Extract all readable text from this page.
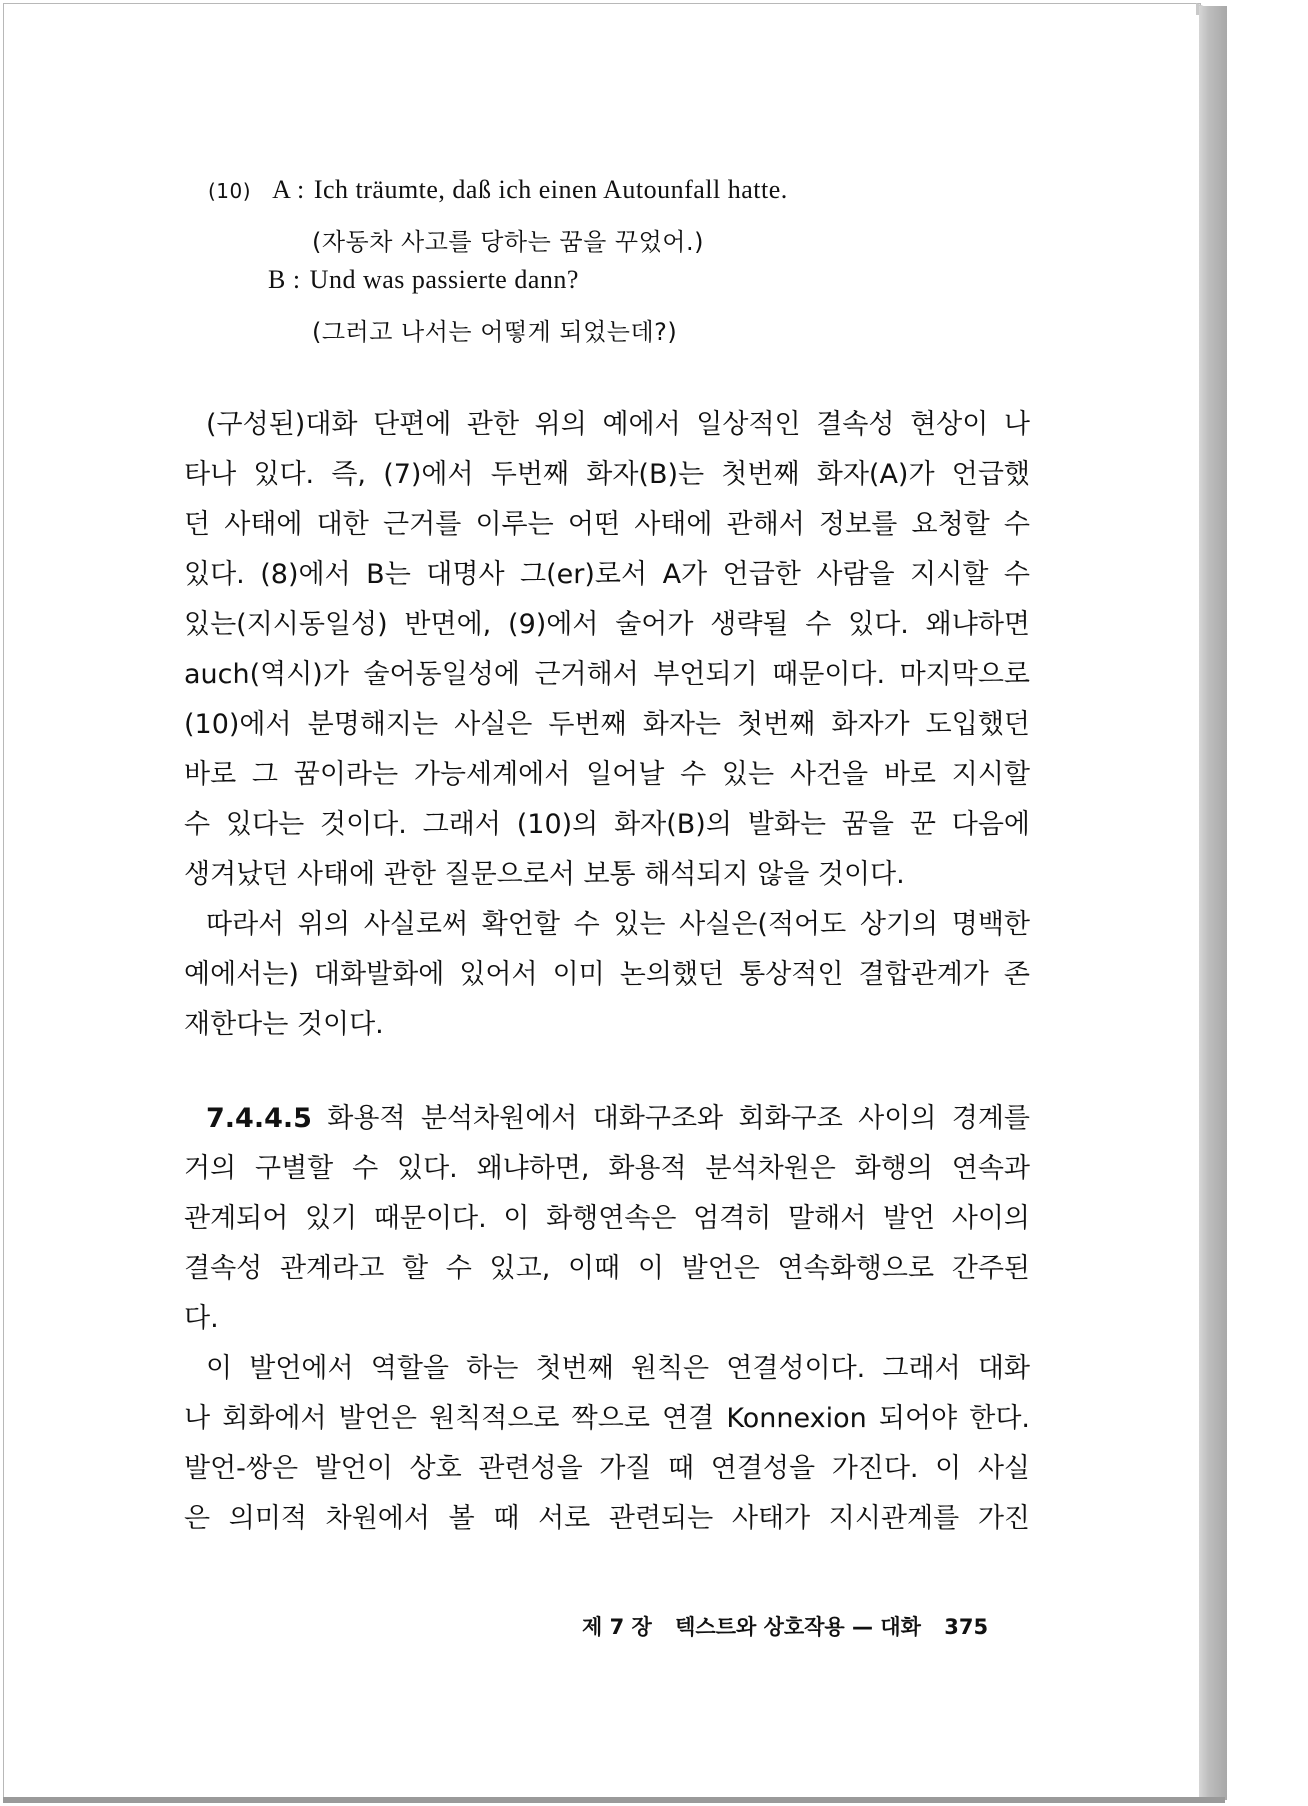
(10) A : Ich träumte, daß ich einen Autounfall hatte.
(자동차 사고를 당하는 꿈을 꾸었어.)
B : Und was passierte dann?
(그러고 나서는 어떻게 되었는데?)
(구성된)대화 단편에 관한 위의 예에서 일상적인 결속성 현상이 나
타나 있다. 즉, (7)에서 두번째 화자(B)는 첫번째 화자(A)가 언급했
던 사태에 대한 근거를 이루는 어떤 사태에 관해서 정보를 요청할 수
있다. (8)에서 B는 대명사 그(er)로서 A가 언급한 사람을 지시할 수
있는(지시동일성) 반면에, (9)에서 술어가 생략될 수 있다. 왜냐하면
auch(역시)가 술어동일성에 근거해서 부언되기 때문이다. 마지막으로
(10)에서 분명해지는 사실은 두번째 화자는 첫번째 화자가 도입했던
바로 그 꿈이라는 가능세계에서 일어날 수 있는 사건을 바로 지시할
수 있다는 것이다. 그래서 (10)의 화자(B)의 발화는 꿈을 꾼 다음에
생겨났던 사태에 관한 질문으로서 보통 해석되지 않을 것이다.
따라서 위의 사실로써 확언할 수 있는 사실은(적어도 상기의 명백한
예에서는) 대화발화에 있어서 이미 논의했던 통상적인 결합관계가 존
재한다는 것이다.
7.4.4.5 화용적 분석차원에서 대화구조와 회화구조 사이의 경계를
거의 구별할 수 있다. 왜냐하면, 화용적 분석차원은 화행의 연속과
관계되어 있기 때문이다. 이 화행연속은 엄격히 말해서 발언 사이의
결속성 관계라고 할 수 있고, 이때 이 발언은 연속화행으로 간주된
다.
이 발언에서 역할을 하는 첫번째 원칙은 연결성이다. 그래서 대화
나 회화에서 발언은 원칙적으로 짝으로 연결 Konnexion 되어야 한다.
발언-쌍은 발언이 상호 관련성을 가질 때 연결성을 가진다. 이 사실
은 의미적 차원에서 볼 때 서로 관련되는 사태가 지시관계를 가진
제 7 장 텍스트와 상호작용 — 대화 375
